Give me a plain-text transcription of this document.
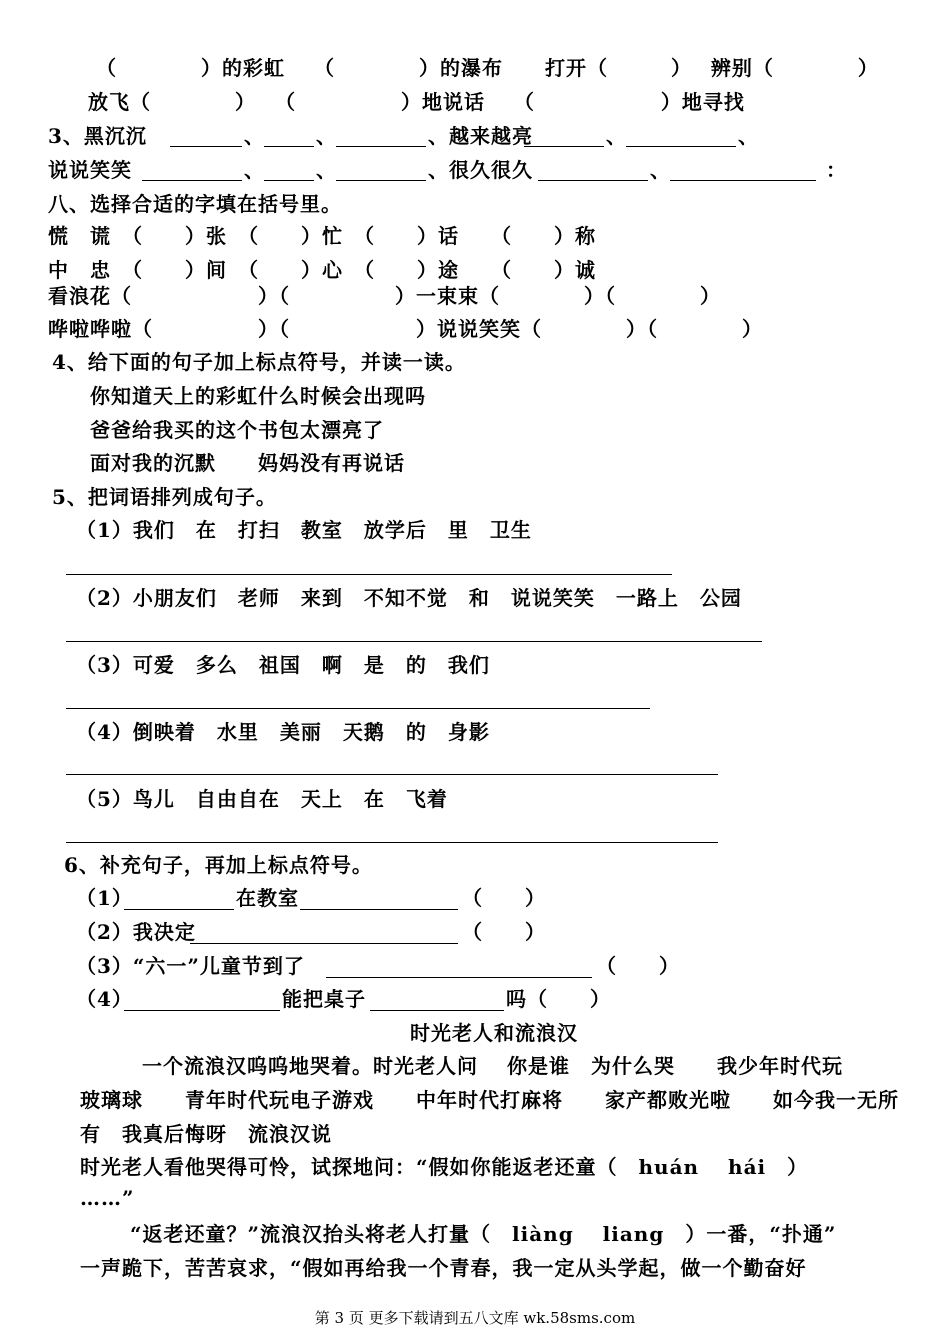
（　　　　）的彩虹　 （　　　　）的瀑布　　打开（　　　）　 辨别（　　　　）
放飞（　　　　）　 （　　　　　）地说话　 （　　　　　　）地寻找
3、黑沉沉	、	、	、越来越亮	、	、
说说笑笑	、	、	、很久很久	、	：
八、选择合适的字填在括号里。
慌　谎　（　　）张　（　　）忙　（　　）话　　（　　）称
中　忠　（　　）间　（　　）心　（　　）途　　（　　）诚
看浪花（　　　　　　）（　　　　　）一束束（　　　　）（　　　　）
哗啦哗啦（　　　　　）（　　　　　　）说说笑笑（　　　　）（　　　　）
4、给下面的句子加上标点符号，并读一读。
你知道天上的彩虹什么时候会出现吗
爸爸给我买的这个书包太漂亮了
面对我的沉默　　妈妈没有再说话
5、把词语排列成句子。
（1）我们　在　打扫　教室　放学后　里　卫生
（2）小朋友们　老师　来到　不知不觉　和　说说笑笑　一路上　公园
（3）可爱　多么　祖国　啊　是　的　我们
（4）倒映着　水里　美丽　天鹅　的　身影
（5）鸟儿　自由自在　天上　在　飞着
6、补充句子，再加上标点符号。
（1）	在教室	（　　）
（2）我决定	（　　）
（3）“六一”儿童节到了	（　　）
（4）	能把桌子	吗（　　）
时光老人和流浪汉
一个流浪汉呜呜地哭着。时光老人问　 你是谁　为什么哭　　我少年时代玩
玻璃球　　青年时代玩电子游戏　　中年时代打麻将　　家产都败光啦　　如今我一无所
有　我真后悔呀　流浪汉说
时光老人看他哭得可怜，试探地问：“假如你能返老还童（　huán　 hái　）
……”
“返老还童？”流浪汉抬头将老人打量（　liàng　 liang　）一番，“扑通”
一声跪下，苦苦哀求，“假如再给我一个青春，我一定从头学起，做一个勤奋好
第 3 页 更多下载请到五八文库 wk.58sms.com
